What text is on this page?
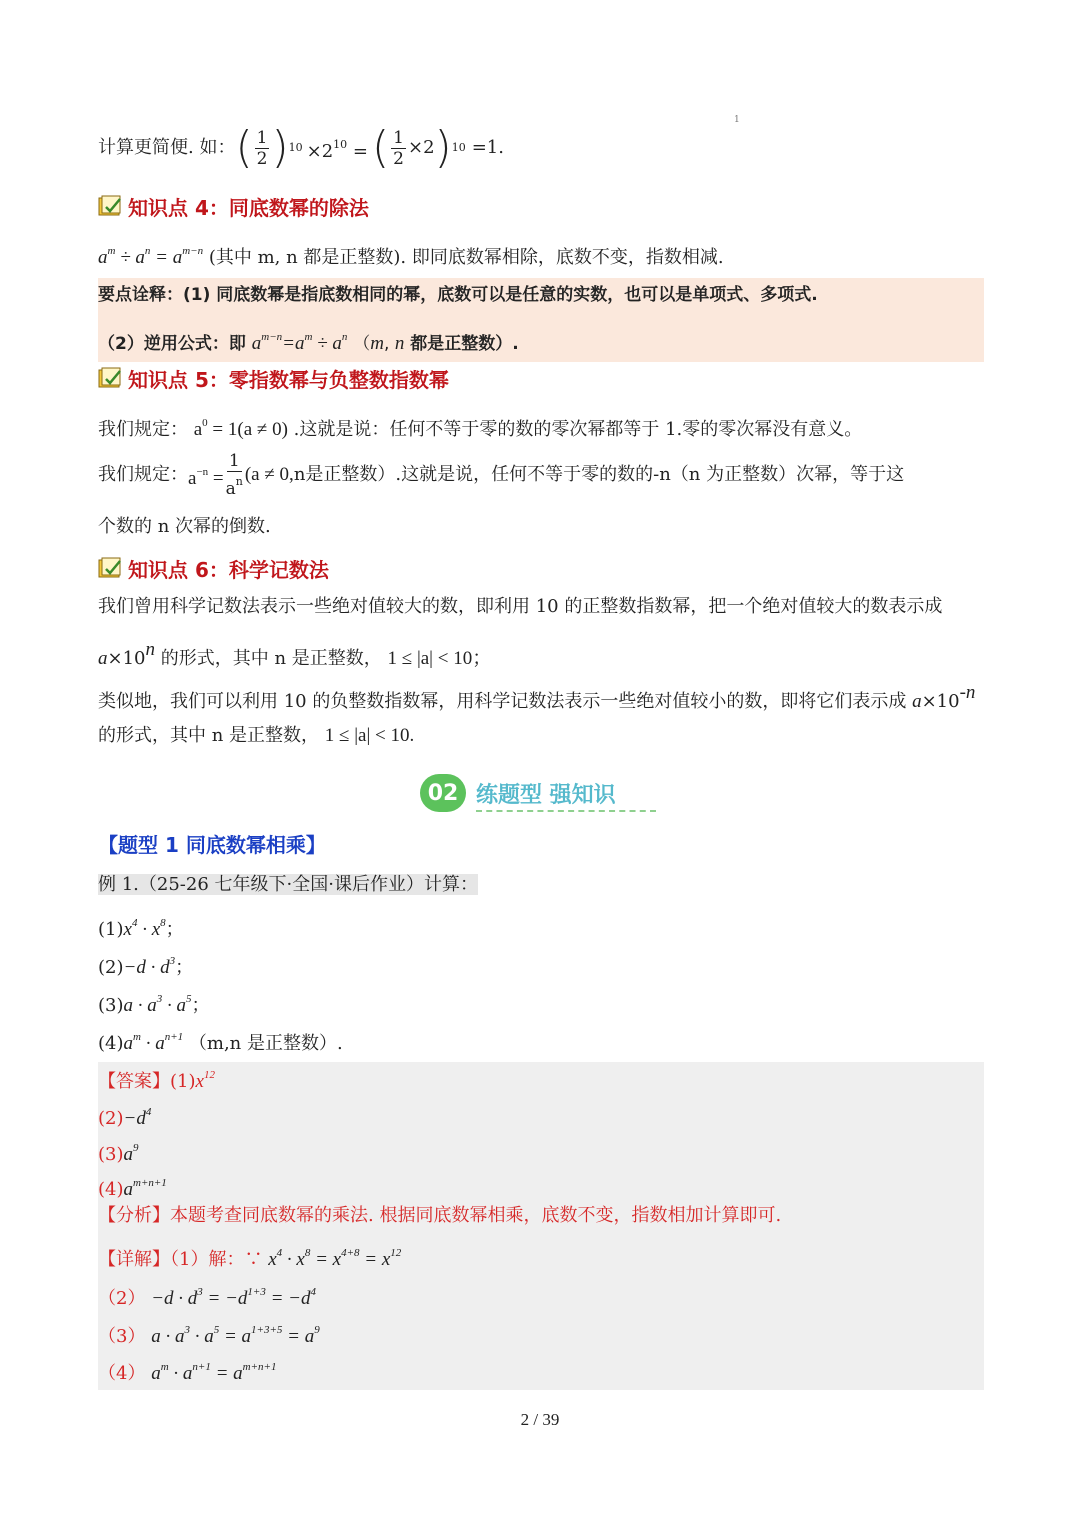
计算更简便. 如： ( $\frac{1}{2}$ ) $10 \times 2^{10}$ = ( $\frac{1}{2} \times 2$ ) 10 =1.
1
知识点 4：同底数幂的除法
$a^m \div a^n = a^{m-n}$ (其中 m, n 都是正整数). 即同底数幂相除，底数不变，指数相减.
要点诠释：(1) 同底数幂是指底数相同的幂，底数可以是任意的实数，也可以是单项式、多项式.
（2）逆用公式：即 $a^{m-n}=a^m \div a^n$ （m, n 都是正整数）.
知识点 5：零指数幂与负整数指数幂
我们规定： $a^0 = 1(a \ne 0)$ .这就是说：任何不等于零的数的零次幂都等于 1.零的零次幂没有意义。
我们规定： $a^{-n} = \frac{1}{a^n} (a \ne 0$, n是正整数）.这就是说，任何不等于零的数的-n（n 为正整数）次幂，等于这
个数的 n 次幂的倒数.
知识点 6：科学记数法
我们曾用科学记数法表示一些绝对值较大的数，即利用 10 的正整数指数幂，把一个绝对值较大的数表示成
$a\times 10^n$ 的形式，其中 n 是正整数， 1 ≤ |a| < 10；
类似地，我们可以利用 10 的负整数指数幂，用科学记数法表示一些绝对值较小的数，即将它们表示成 $a\times 10^{-n}$
的形式，其中 n 是正整数， 1 ≤ |a| < 10.
02 练题型 强知识
【题型 1 同底数幂相乘】
例 1.（25-26 七年级下·全国·课后作业）计算：
$(1)x^4 \cdot x^8$；
$(2)-d \cdot d^3$；
$(3)a \cdot a^3 \cdot a^5$；
$(4)a^m \cdot a^{n+1}$ （m,n 是正整数）.
【答案】$(1)x^{12}$
$(2)-d^4$
$(3)a^9$
$(4)a^{m+n+1}$
【分析】本题考查同底数幂的乘法. 根据同底数幂相乘，底数不变，指数相加计算即可.
【详解】（1）解：∵ $x^4 \cdot x^8 = x^{4+8} = x^{12}$
$(2) -d \cdot d^3 = -d^{1+3} = -d^4$
（3） $a \cdot a^3 \cdot a^5 = a^{1+3+5} = a^9$
（4） $a^m \cdot a^{n+1} = a^{m+n+1}$
2 / 39
